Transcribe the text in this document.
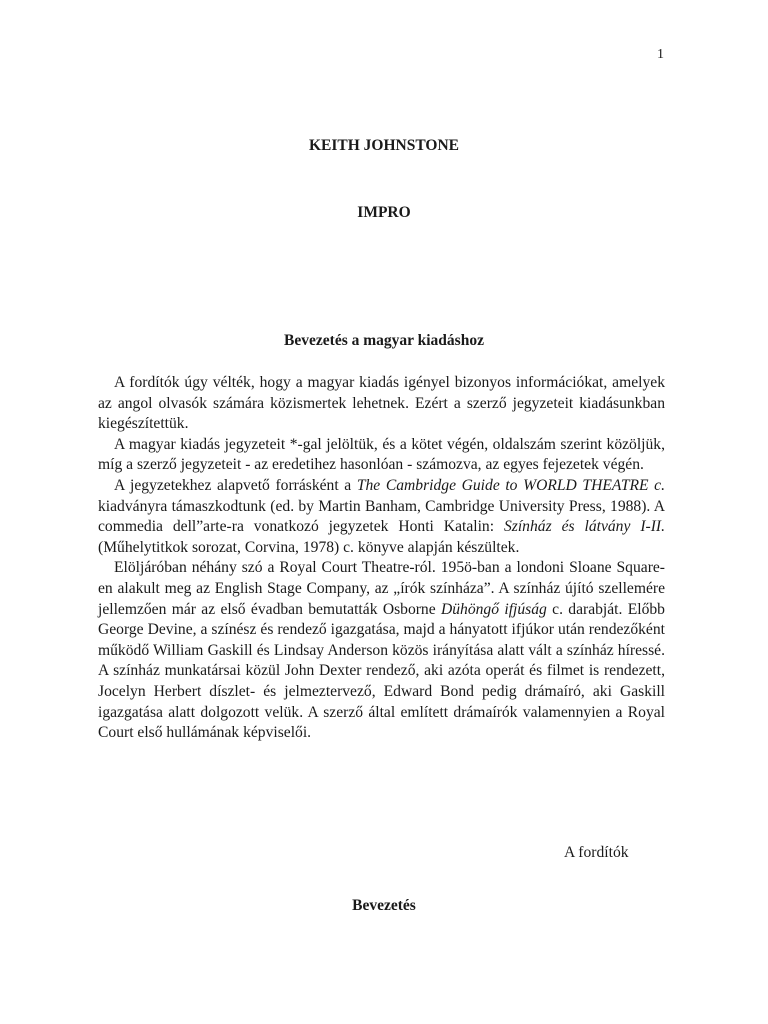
1
KEITH JOHNSTONE
IMPRO
Bevezetés a magyar kiadáshoz

A fordítók úgy vélték, hogy a magyar kiadás igényel bizonyos információkat, amelyek az angol olvasók számára közismertek lehetnek. Ezért a szerző jegyzeteit kiadásunkban kiegészítettük.

A magyar kiadás jegyzeteit *-gal jelöltük, és a kötet végén, oldalszám szerint közöljük, míg a szerző jegyzeteit - az eredetihez hasonlóan - számozva, az egyes fejezetek végén.

A jegyzetekhez alapvető forrásként a The Cambridge Guide to WORLD THEATRE c. kiadványra támaszkodtunk (ed. by Martin Banham, Cambridge University Press, 1988). A commedia dell”arte-ra vonatkozó jegyzetek Honti Katalin: Színház és látvány I-II. (Műhelytitkok sorozat, Corvina, 1978) c. könyve alapján készültek.

Elöljáróban néhány szó a Royal Court Theatre-ról. 195ö-ban a londoni Sloane Square-en alakult meg az English Stage Company, az „írók színháza”. A színház újító szellemére jellemzően már az első évadban bemutatták Osborne Dühöngő ifjúság c. darabját. Előbb George Devine, a színész és rendező igazgatása, majd a hányatott ifjúkor után rendezőként működő William Gaskill és Lindsay Anderson közös irányítása alatt vált a színház híressé. A színház munkatársai közül John Dexter rendező, aki azóta operát és filmet is rendezett, Jocelyn Herbert díszlet- és jelmeztervező, Edward Bond pedig drámaíró, aki Gaskill igazgatása alatt dolgozott velük. A szerző által említett drámaírók valamennyien a Royal Court első hullámának képviselői.

A fordítók
Bevezetés
